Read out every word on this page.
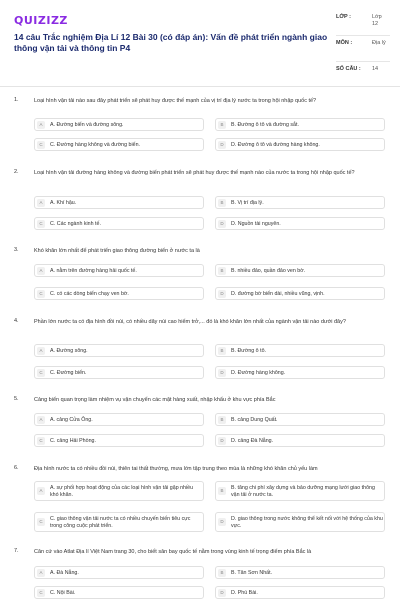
QUIZIZZ
14 câu Trắc nghiệm Địa Lí 12 Bài 30 (có đáp án): Vấn đề phát triển ngành giao thông vận tải và thông tin P4
LỚP :	Lớp 12
MÔN :	Địa lý
SỐ CÂU : 14
1.	Loại hình vận tải nào sau đây phát triển sẽ phát huy được thế mạnh của vị trí địa lý nước ta trong hội nhập quốc tế?
A	A. Đường biển và đường sông.	B	B. Đường ô tô và đường sắt.
C	C. Đường hàng không và đường biển.	D	D. Đường ô tô và đường hàng không.
2.	Loại hình vận tải đường hàng không và đường biển phát triển sẽ phát huy được thế mạnh nào của nước ta trong hội nhập quốc tế?
A	A. Khí hậu.	B	B. Vị trí địa lý.
C	C. Các ngành kinh tế.	D	D. Nguồn tài nguyên.
3.	Khó khăn lớn nhất để phát triển giao thông đường biển ở nước ta là
A	A. nằm trên đường hàng hải quốc tế.	B	B. nhiều đảo, quần đảo ven bờ.
C	C. có các dòng biển chạy ven bờ.	D	D. đường bờ biển dài, nhiều vũng, vịnh.
4.	Phần lớn nước ta có địa hình đồi núi, có nhiều dãy núi cao hiểm trở,... đó là khó khăn lớn nhất của ngành vận tải nào dưới đây?
A	A. Đường sông.	B	B. Đường ô tô.
C	C. Đường biển.	D	D. Đường hàng không.
5.	Cảng biển quan trọng làm nhiệm vụ vận chuyển các mặt hàng xuất, nhập khẩu ở khu vực phía Bắc
A	A. cảng Cửa Ông.	B	B. cảng Dung Quất.
C	C. cảng Hải Phòng.	D	D. cảng Đà Nẵng.
6.	Địa hình nước ta có nhiều đồi núi, thiên tai thất thường, mưa lớn tập trung theo mùa là những khó khăn chủ yếu làm
A	A. sự phối hợp hoạt động của các loại hình vận tải gặp nhiều khó khăn.
B	B. tăng chi phí xây dựng và bảo dưỡng mạng lưới giao thông vận tải ở nước ta.
C	C. giao thông vận tải nước ta có nhiều chuyến biến tiêu cực trong công cuộc phát triển.
D	D. giao thông trong nước không thể kết nối với hệ thống của khu vực.
7.	Căn cứ vào Atlat Địa lí Việt Nam trang 30, cho biết sân bay quốc tế nằm trong vùng kinh tế trọng điểm phía Bắc là
A	A. Đà Nẵng.	B	B. Tân Sơn Nhất.
C	C. Nội Bài.	D	D. Phú Bài.
